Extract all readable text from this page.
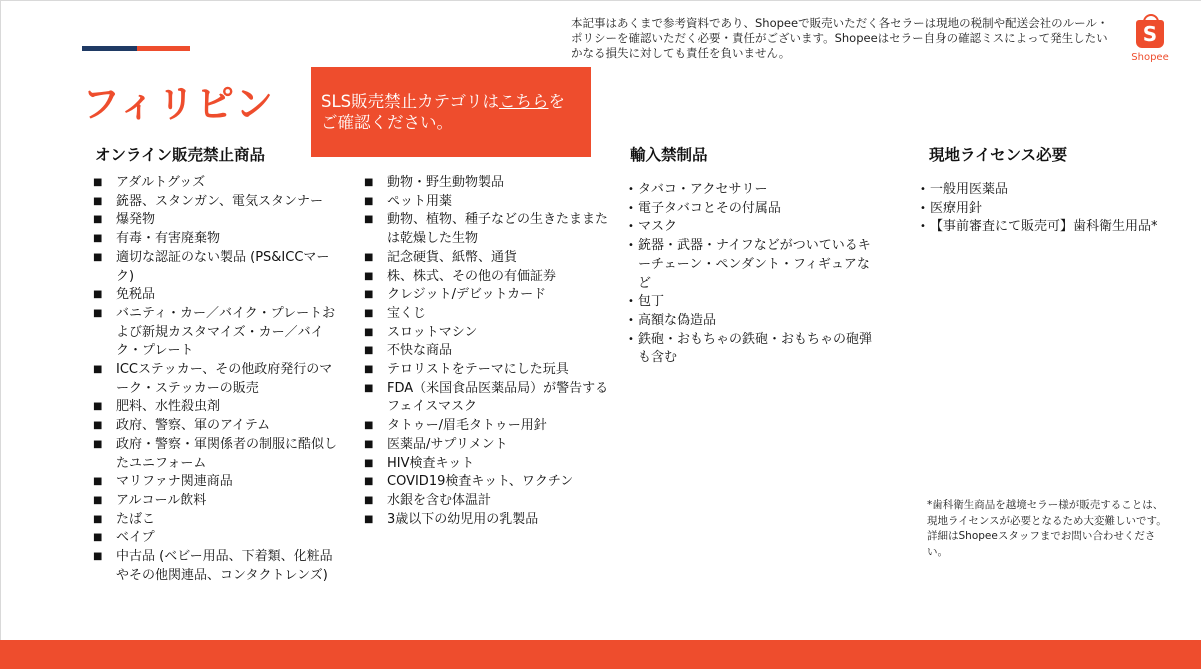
フィリピン	SLS販売禁止カテゴリはこちらをご確認ください。
本記事はあくまで参考資料であり、Shopeeで販売いただく各セラーは現地の税制や配送会社のルール・ポリシーを確認いただく必要・責任がございます。Shopeeはセラー自身の確認ミスによって発生したいかなる損失に対しても責任を負いません。
S
Shopee
オンライン販売禁止商品
■ アダルトグッズ
■ 銃器、スタンガン、電気スタンナー
■ 爆発物
■ 有毒・有害廃棄物
■ 適切な認証のない製品 (PS&ICCマーク)
■ 免税品
■ バニティ・カー／バイク・プレートおよび新規カスタマイズ・カー／バイク・プレート
■ ICCステッカー、その他政府発行のマーク・ステッカーの販売
■ 肥料、水性殺虫剤
■ 政府、警察、軍のアイテム
■ 政府・警察・軍関係者の制服に酷似したユニフォーム
■ マリファナ関連商品
■ アルコール飲料
■ たばこ
■ ベイプ
■ 中古品 (ベビー用品、下着類、化粧品やその他関連品、コンタクトレンズ)
■ 動物・野生動物製品
■ ペット用薬
■ 動物、植物、種子などの生きたままたは乾燥した生物
■ 記念硬貨、紙幣、通貨
■ 株、株式、その他の有価証券
■ クレジット/デビットカード
■ 宝くじ
■ スロットマシン
■ 不快な商品
■ テロリストをテーマにした玩具
■ FDA（米国食品医薬品局）が警告するフェイスマスク
■ タトゥー/眉毛タトゥー用針
■ 医薬品/サプリメント
■ HIV検査キット
■ COVID19検査キット、ワクチン
■ 水銀を含む体温計
■ 3歳以下の幼児用の乳製品
輸入禁制品
• タバコ・アクセサリー
• 電子タバコとその付属品
• マスク
• 銃器・武器・ナイフなどがついているキーチェーン・ペンダント・フィギュアなど
• 包丁
• 高額な偽造品
• 鉄砲・おもちゃの鉄砲・おもちゃの砲弾も含む
現地ライセンス必要
• 一般用医薬品
• 医療用針
• 【事前審査にて販売可】歯科衛生用品*

*歯科衛生商品を越境セラー様が販売することは、現地ライセンスが必要となるため大変難しいです。

詳細はShopeeスタッフまでお問い合わせください。
